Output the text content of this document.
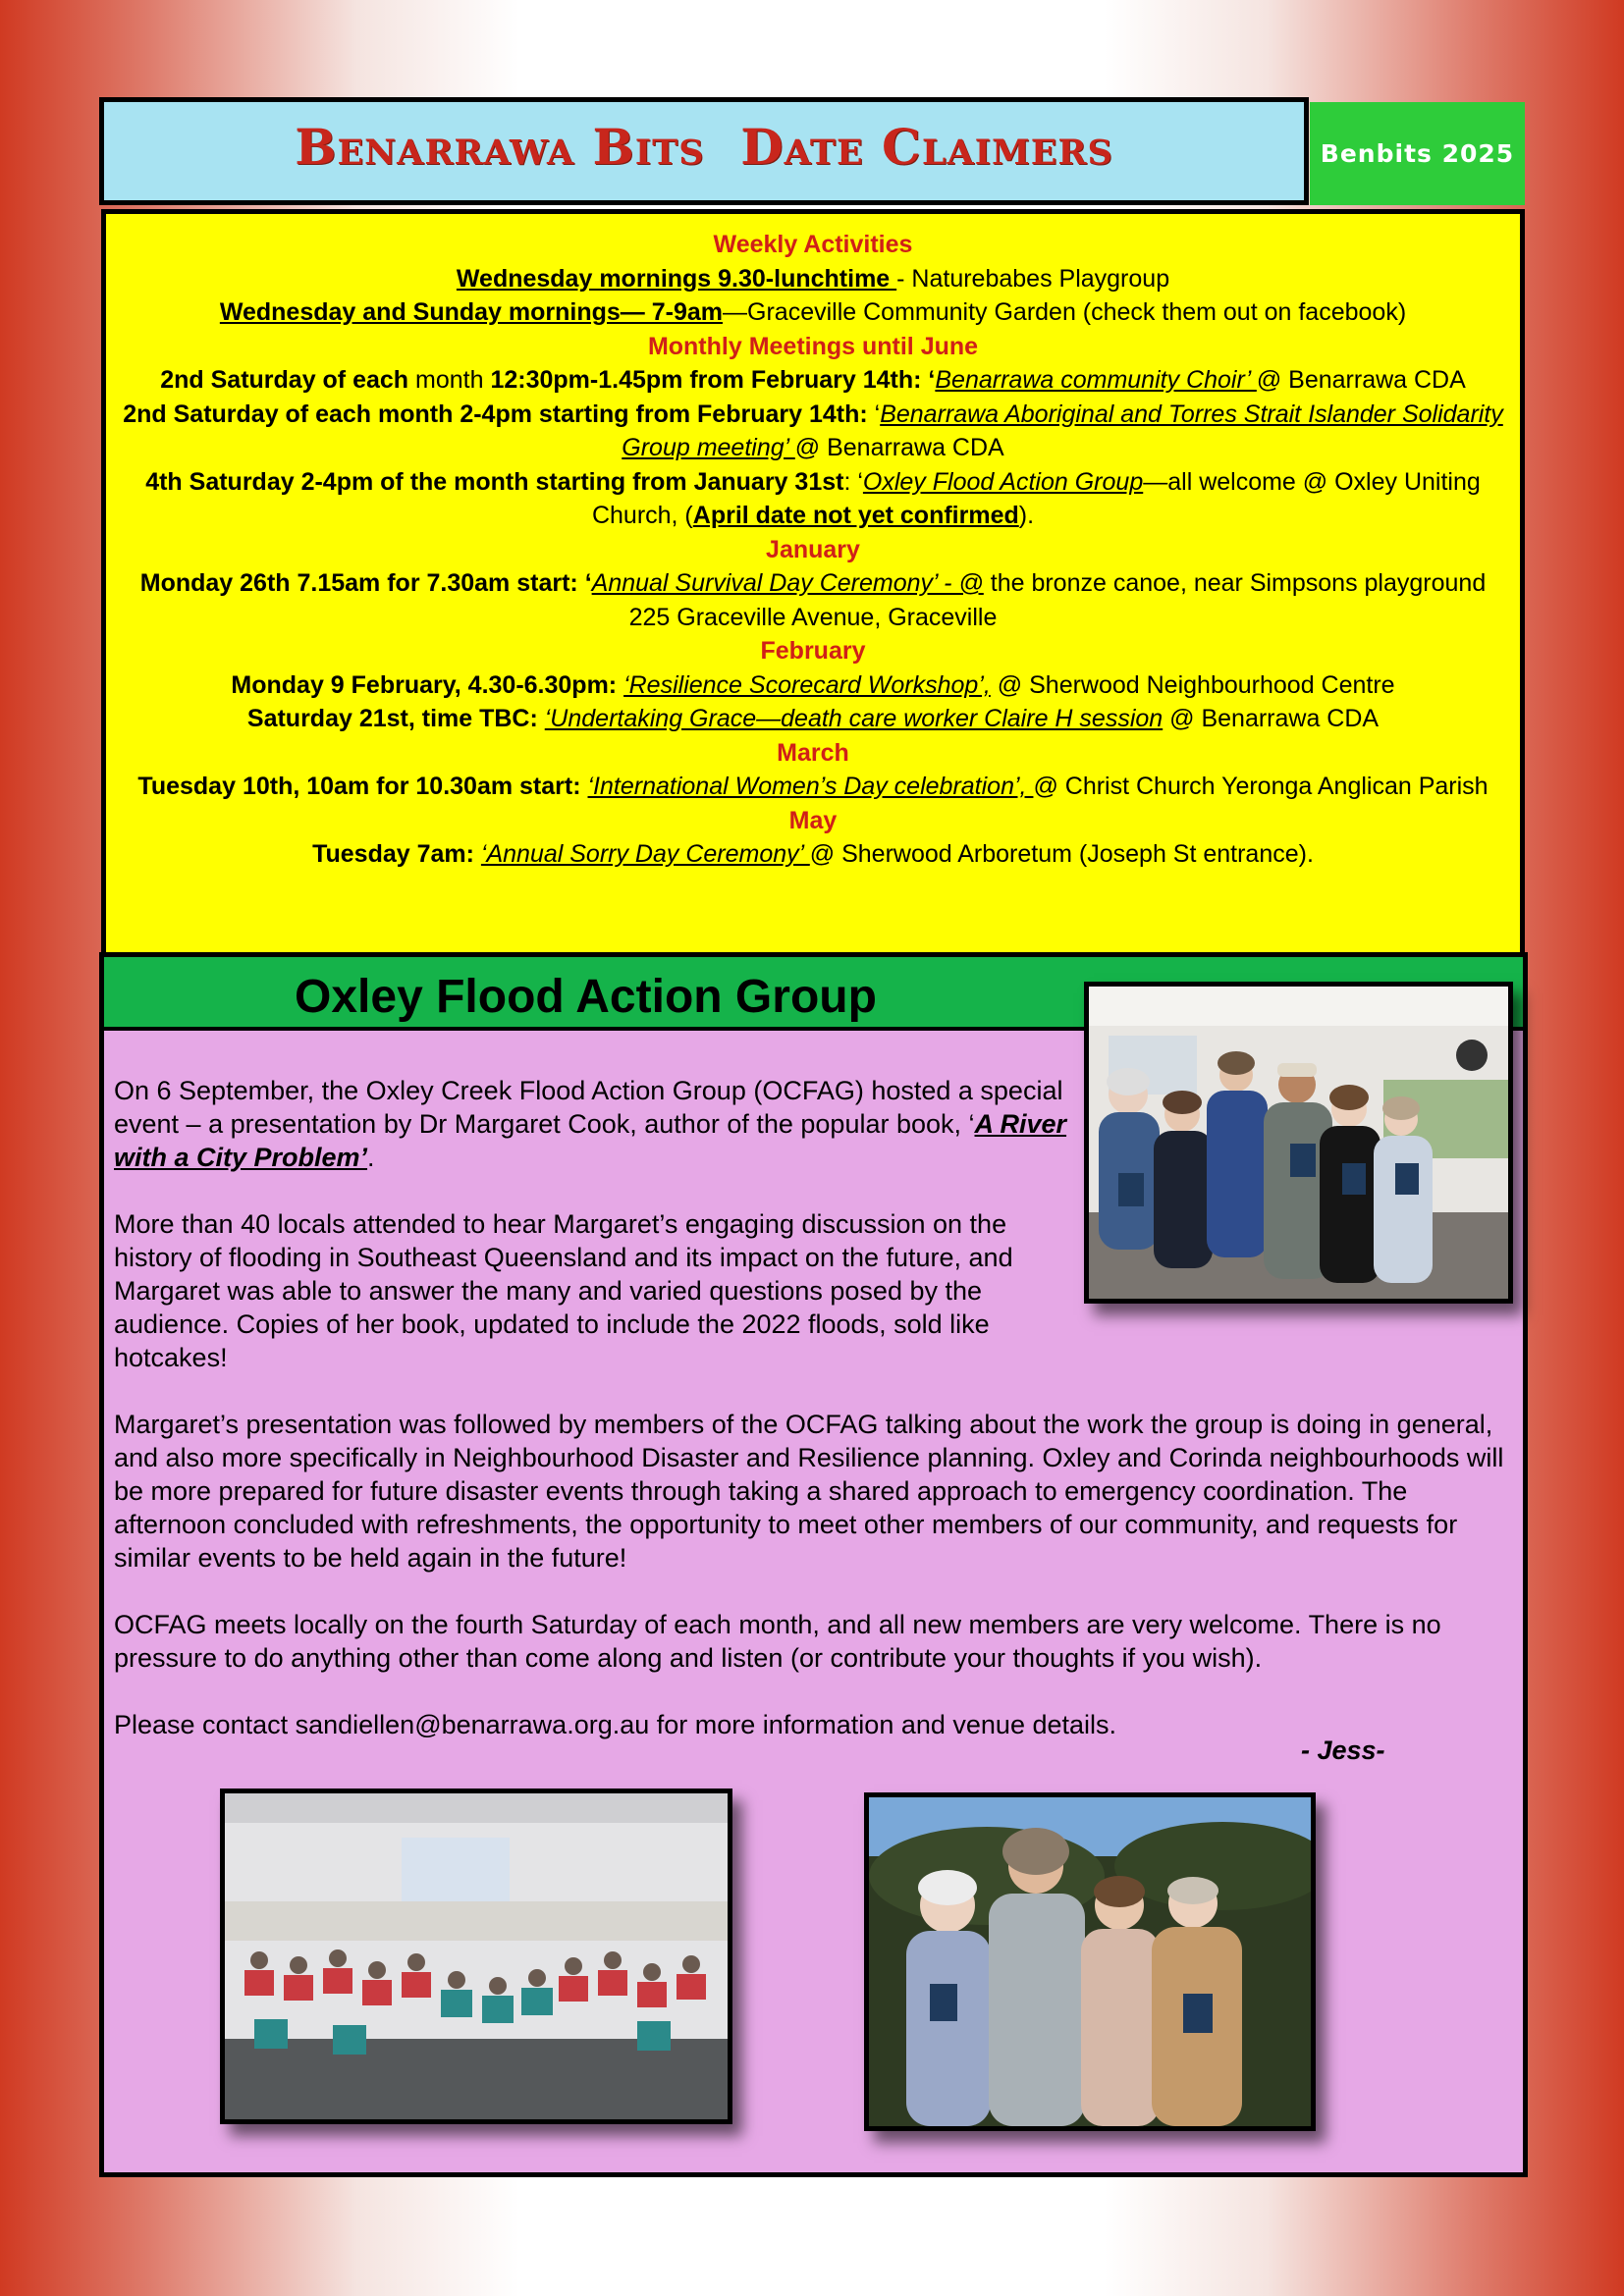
Benarrawa Bits  Date Claimers	Benbits 2025
Weekly Activities
Wednesday mornings 9.30-lunchtime - Naturebabes Playgroup
Wednesday and Sunday mornings— 7-9am—Graceville Community Garden (check them out on facebook)
Monthly Meetings until June
2nd Saturday of each month 12:30pm-1.45pm from February 14th: ‘Benarrawa community Choir’ @ Benarrawa CDA
2nd Saturday of each month 2-4pm starting from February 14th: ‘Benarrawa Aboriginal and Torres Strait Islander Solidarity Group meeting’ @ Benarrawa CDA
4th Saturday 2-4pm of the month starting from January 31st: ‘Oxley Flood Action Group—all welcome @ Oxley Uniting Church, (April date not yet confirmed).
January
Monday 26th 7.15am for 7.30am start: ‘Annual Survival Day Ceremony’ - @ the bronze canoe, near Simpsons playground 225 Graceville Avenue, Graceville
February
Monday 9 February, 4.30-6.30pm: ‘Resilience Scorecard Workshop’, @ Sherwood Neighbourhood Centre
Saturday 21st, time TBC: ‘Undertaking Grace—death care worker Claire H session @ Benarrawa CDA
March
Tuesday 10th, 10am for 10.30am start: ‘International Women’s Day celebration’, @ Christ Church Yeronga Anglican Parish
May
Tuesday 7am: ‘Annual Sorry Day Ceremony’ @ Sherwood Arboretum (Joseph St entrance).
Oxley Flood Action Group

On 6 September, the Oxley Creek Flood Action Group (OCFAG) hosted a special event – a presentation by Dr Margaret Cook, author of the popular book, ‘A River with a City Problem’.

More than 40 locals attended to hear Margaret’s engaging discussion on the history of flooding in Southeast Queensland and its impact on the future, and Margaret was able to answer the many and varied questions posed by the audience. Copies of her book, updated to include the 2022 floods, sold like hotcakes!

Margaret’s presentation was followed by members of the OCFAG talking about the work the group is doing in general, and also more specifically in Neighbourhood Disaster and Resilience planning. Oxley and Corinda neighbourhoods will be more prepared for future disaster events through taking a shared approach to emergency coordination. The afternoon concluded with refreshments, the opportunity to meet other members of our community, and requests for similar events to be held again in the future!

OCFAG meets locally on the fourth Saturday of each month, and all new members are very welcome. There is no pressure to do anything other than come along and listen (or contribute your thoughts if you wish).

Please contact sandiellen@benarrawa.org.au for more information and venue details.

- Jess-
